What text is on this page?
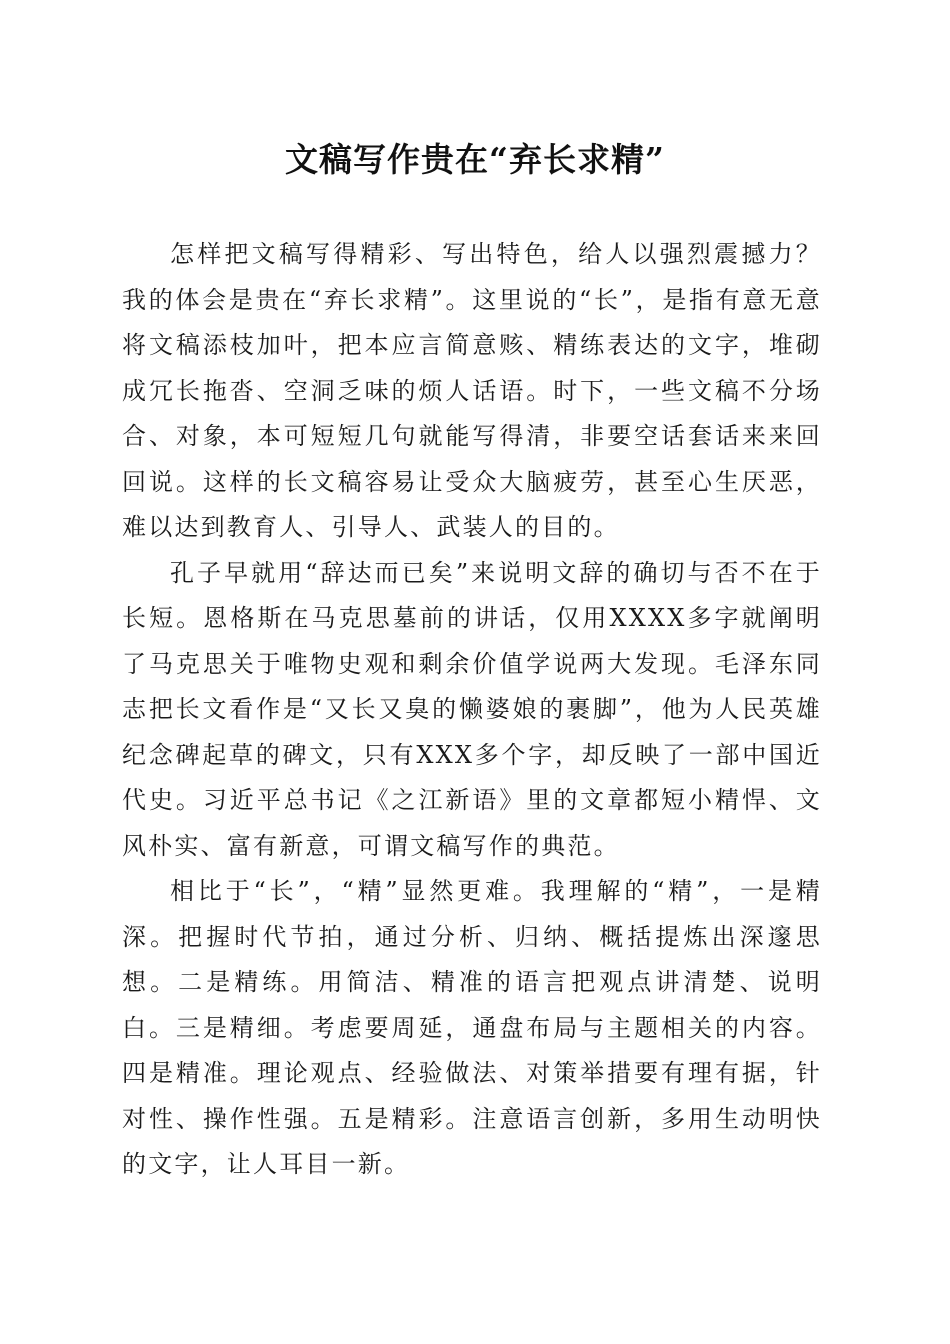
文稿写作贵在“弃长求精”

怎样把文稿写得精彩、写出特色，给人以强烈震撼力？我的体会是贵在“弃长求精”。这里说的“长”，是指有意无意将文稿添枝加叶，把本应言简意赅、精练表达的文字，堆砌成冗长拖沓、空洞乏味的烦人话语。时下，一些文稿不分场合、对象，本可短短几句就能写得清，非要空话套话来来回回说。这样的长文稿容易让受众大脑疲劳，甚至心生厌恶，难以达到教育人、引导人、武装人的目的。

孔子早就用“辞达而已矣”来说明文辞的确切与否不在于长短。恩格斯在马克思墓前的讲话，仅用XXXX多字就阐明了马克思关于唯物史观和剩余价值学说两大发现。毛泽东同志把长文看作是“又长又臭的懒婆娘的裹脚”，他为人民英雄纪念碑起草的碑文，只有XXX多个字，却反映了一部中国近代史。习近平总书记《之江新语》里的文章都短小精悍、文风朴实、富有新意，可谓文稿写作的典范。

相比于“长”，“精”显然更难。我理解的“精”，一是精深。把握时代节拍，通过分析、归纳、概括提炼出深邃思想。二是精练。用简洁、精准的语言把观点讲清楚、说明白。三是精细。考虑要周延，通盘布局与主题相关的内容。四是精准。理论观点、经验做法、对策举措要有理有据，针对性、操作性强。五是精彩。注意语言创新，多用生动明快的文字，让人耳目一新。
